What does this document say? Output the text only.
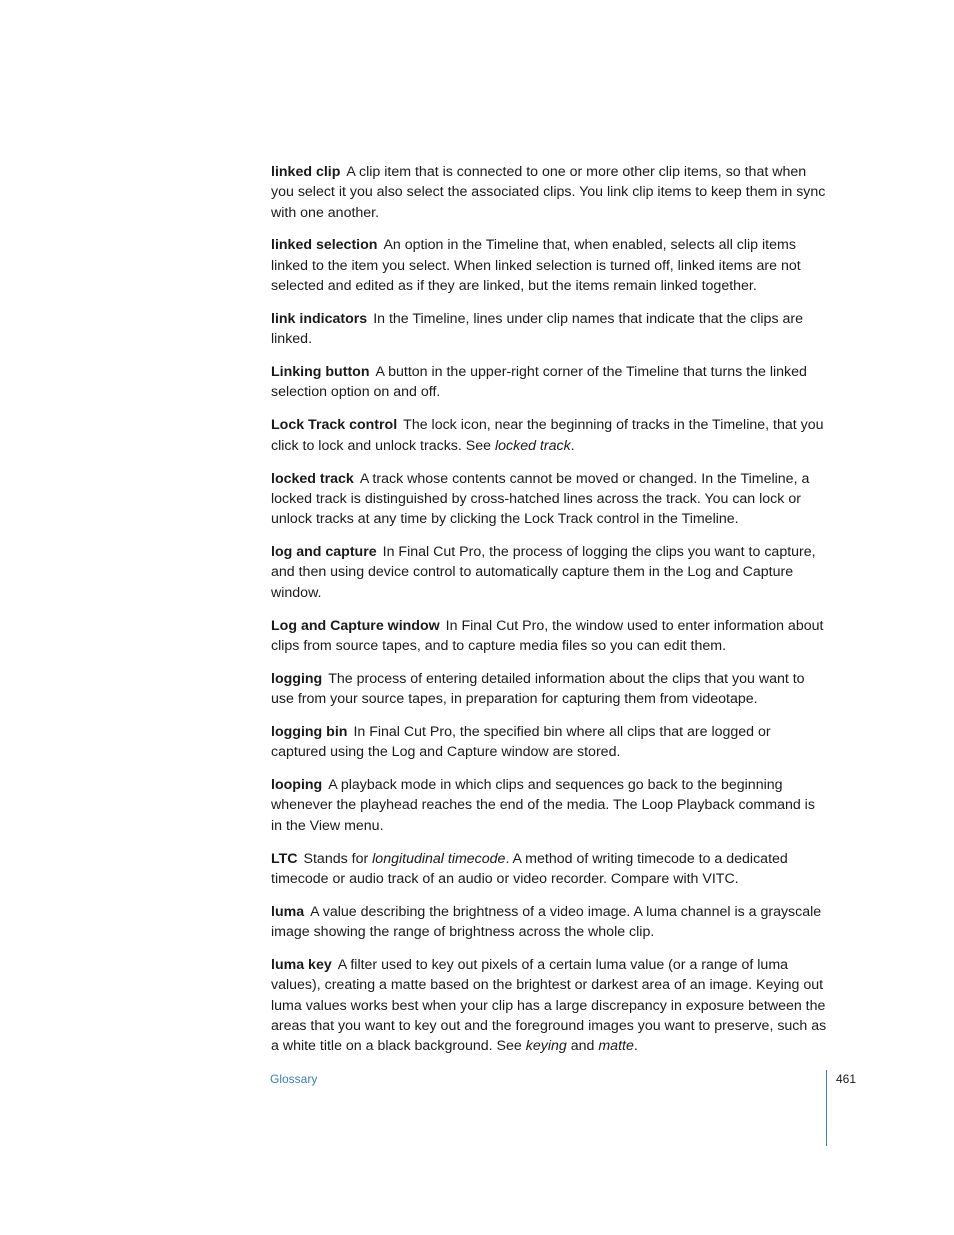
linked clip A clip item that is connected to one or more other clip items, so that when you select it you also select the associated clips. You link clip items to keep them in sync with one another.

linked selection An option in the Timeline that, when enabled, selects all clip items linked to the item you select. When linked selection is turned off, linked items are not selected and edited as if they are linked, but the items remain linked together.

link indicators In the Timeline, lines under clip names that indicate that the clips are linked.

Linking button A button in the upper-right corner of the Timeline that turns the linked selection option on and off.

Lock Track control The lock icon, near the beginning of tracks in the Timeline, that you click to lock and unlock tracks. See locked track.

locked track A track whose contents cannot be moved or changed. In the Timeline, a locked track is distinguished by cross-hatched lines across the track. You can lock or unlock tracks at any time by clicking the Lock Track control in the Timeline.

log and capture In Final Cut Pro, the process of logging the clips you want to capture, and then using device control to automatically capture them in the Log and Capture window.

Log and Capture window In Final Cut Pro, the window used to enter information about clips from source tapes, and to capture media files so you can edit them.

logging The process of entering detailed information about the clips that you want to use from your source tapes, in preparation for capturing them from videotape.

logging bin In Final Cut Pro, the specified bin where all clips that are logged or captured using the Log and Capture window are stored.

looping A playback mode in which clips and sequences go back to the beginning whenever the playhead reaches the end of the media. The Loop Playback command is in the View menu.

LTC Stands for longitudinal timecode. A method of writing timecode to a dedicated timecode or audio track of an audio or video recorder. Compare with VITC.

luma A value describing the brightness of a video image. A luma channel is a grayscale image showing the range of brightness across the whole clip.

luma key A filter used to key out pixels of a certain luma value (or a range of luma values), creating a matte based on the brightest or darkest area of an image. Keying out luma values works best when your clip has a large discrepancy in exposure between the areas that you want to key out and the foreground images you want to preserve, such as a white title on a black background. See keying and matte.

Glossary	461
